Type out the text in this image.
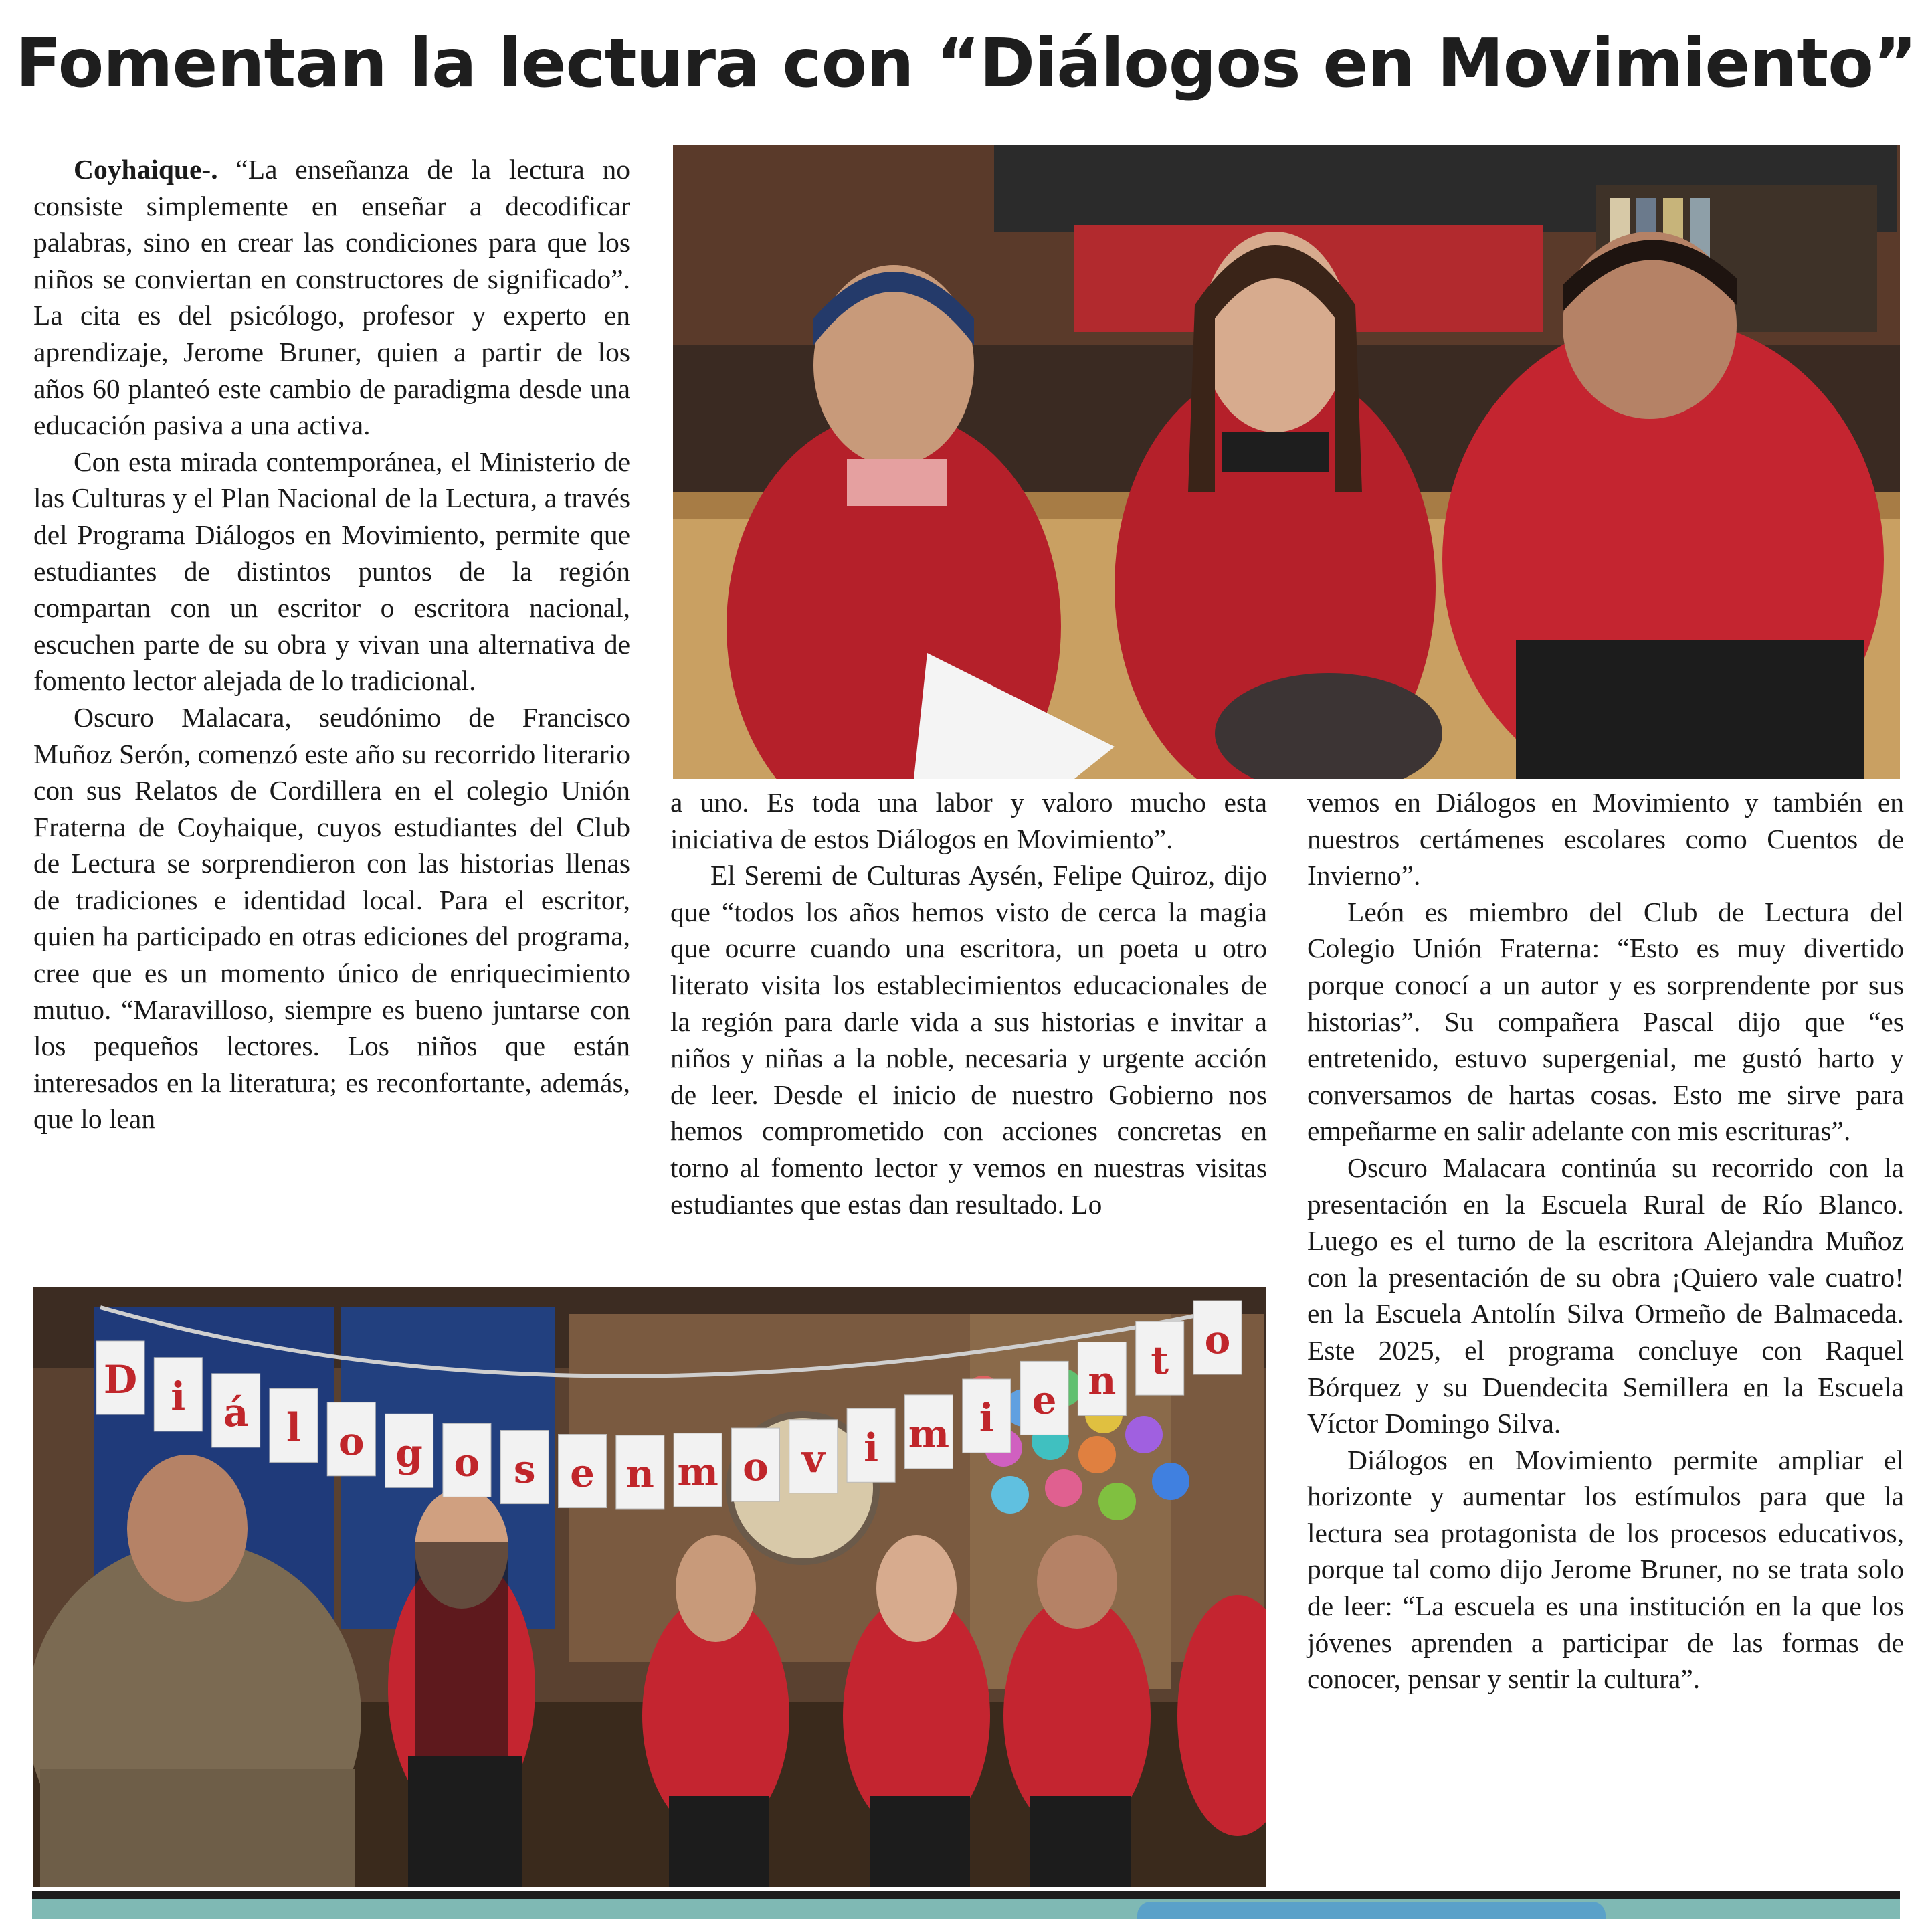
Fomentan la lectura con “Diálogos en Movimiento”

Coyhaique-. “La enseñanza de la lectura no consiste simplemente en enseñar a decodificar palabras, sino en crear las condiciones para que los niños se conviertan en constructores de significado”. La cita es del psicólogo, profesor y experto en aprendizaje, Jerome Bruner, quien a partir de los años 60 planteó este cambio de paradigma desde una educación pasiva a una activa.

Con esta mirada contemporánea, el Ministerio de las Culturas y el Plan Nacional de la Lectura, a través del Programa Diálogos en Movimiento, permite que estudiantes de distintos puntos de la región compartan con un escritor o escritora nacional, escuchen parte de su obra y vivan una alternativa de fomento lector alejada de lo tradicional.

Oscuro Malacara, seudónimo de Francisco Muñoz Serón, comenzó este año su recorrido literario con sus Relatos de Cordillera en el colegio Unión Fraterna de Coyhaique, cuyos estudiantes del Club de Lectura se sorprendieron con las historias llenas de tradiciones e identidad local. Para el escritor, quien ha participado en otras ediciones del programa, cree que es un momento único de enriquecimiento mutuo. “Maravilloso, siempre es bueno juntarse con los pequeños lectores. Los niños que están interesados en la literatura; es reconfortante, además, que lo lean

a uno. Es toda una labor y valoro mucho esta iniciativa de estos Diálogos en Movimiento”.

El Seremi de Culturas Aysén, Felipe Quiroz, dijo que “todos los años hemos visto de cerca la magia que ocurre cuando una escritora, un poeta u otro literato visita los establecimientos educacionales de la región para darle vida a sus historias e invitar a niños y niñas a la noble, necesaria y urgente acción de leer. Desde el inicio de nuestro Gobierno nos hemos comprometido con acciones concretas en torno al fomento lector y vemos en nuestras visitas estudiantes que estas dan resultado. Lo

vemos en Diálogos en Movimiento y también en nuestros certámenes escolares como Cuentos de Invierno”.

León es miembro del Club de Lectura del Colegio Unión Fraterna: “Esto es muy divertido porque conocí a un autor y es sorprendente por sus historias”. Su compañera Pascal dijo que “es entretenido, estuvo supergenial, me gustó harto y conversamos de hartas cosas. Esto me sirve para empeñarme en salir adelante con mis escrituras”.

Oscuro Malacara continúa su recorrido con la presentación en la Escuela Rural de Río Blanco. Luego es el turno de la escritora Alejandra Muñoz con la presentación de su obra ¡Quiero vale cuatro! en la Escuela Antolín Silva Ormeño de Balmaceda. Este 2025, el programa concluye con Raquel Bórquez y su Duendecita Semillera en la Escuela Víctor Domingo Silva.

Diálogos en Movimiento permite ampliar el horizonte y aumentar los estímulos para que la lectura sea protagonista de los procesos educativos, porque tal como dijo Jerome Bruner, no se trata solo de leer: “La escuela es una institución en la que los jóvenes aprenden a participar de las formas de conocer, pensar y sentir la cultura”.

D i á l o g o s e n m o v i m i e n t o
